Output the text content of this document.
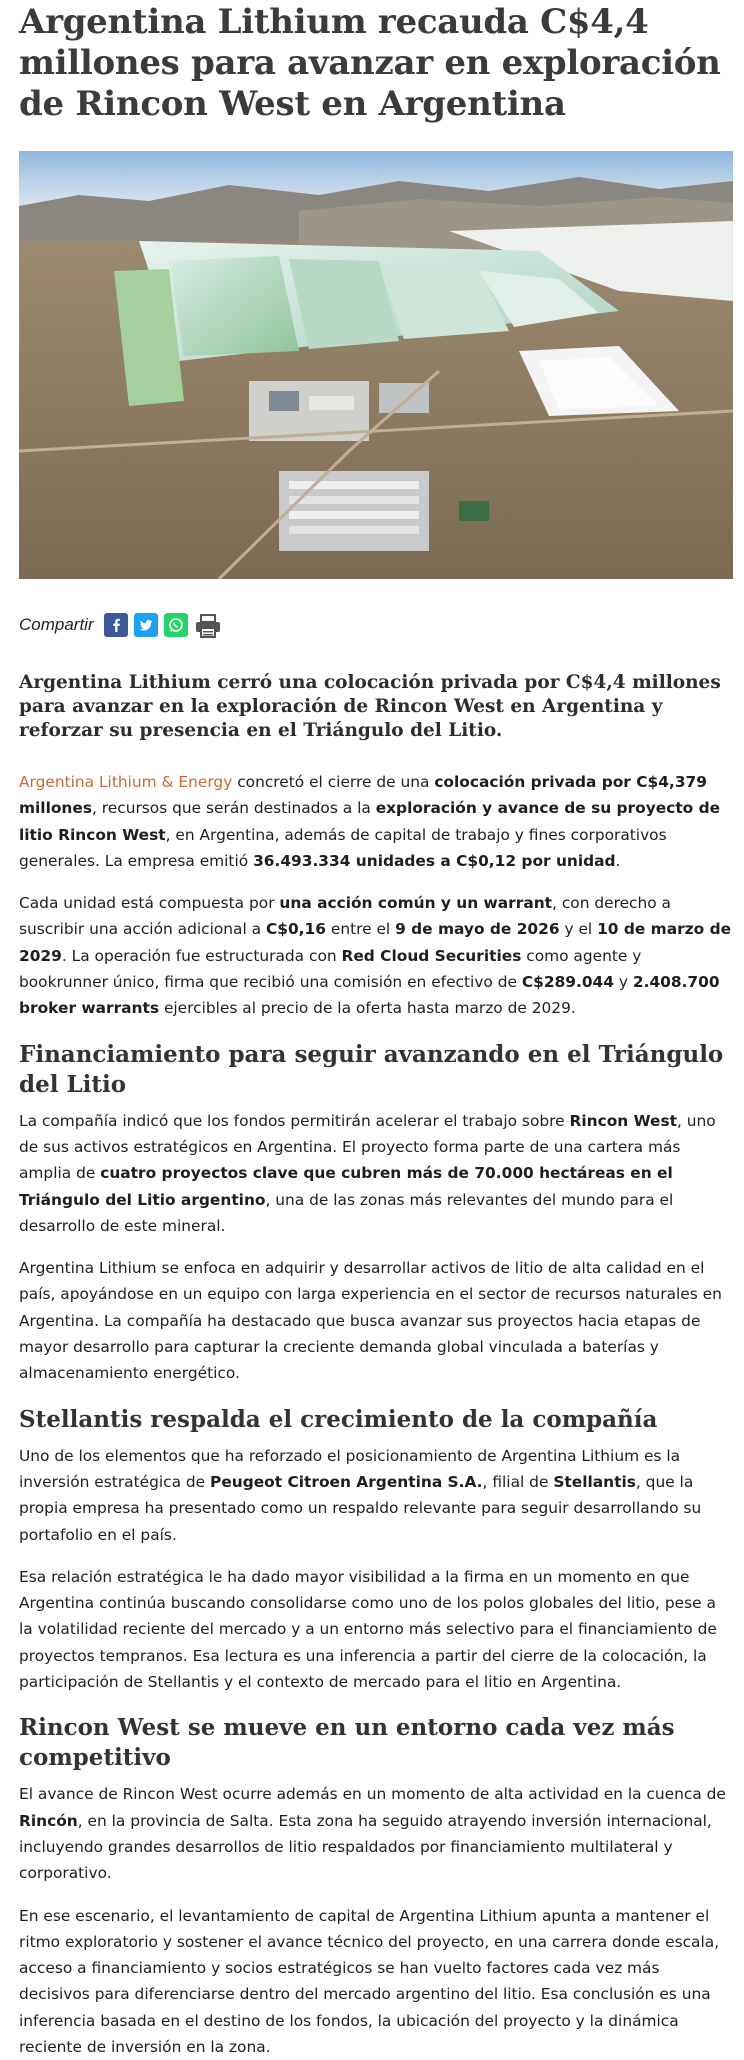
Argentina Lithium recauda C$4,4 millones para avanzar en exploración de Rincon West en Argentina
Compartir
Argentina Lithium cerró una colocación privada por C$4,4 millones para avanzar en la exploración de Rincon West en Argentina y reforzar su presencia en el Triángulo del Litio.

Argentina Lithium & Energy concretó el cierre de una colocación privada por C$4,379 millones, recursos que serán destinados a la exploración y avance de su proyecto de litio Rincon West, en Argentina, además de capital de trabajo y fines corporativos generales. La empresa emitió 36.493.334 unidades a C$0,12 por unidad.

Cada unidad está compuesta por una acción común y un warrant, con derecho a suscribir una acción adicional a C$0,16 entre el 9 de mayo de 2026 y el 10 de marzo de 2029. La operación fue estructurada con Red Cloud Securities como agente y bookrunner único, firma que recibió una comisión en efectivo de C$289.044 y 2.408.700 broker warrants ejercibles al precio de la oferta hasta marzo de 2029.

Financiamiento para seguir avanzando en el Triángulo del Litio

La compañía indicó que los fondos permitirán acelerar el trabajo sobre Rincon West, uno de sus activos estratégicos en Argentina. El proyecto forma parte de una cartera más amplia de cuatro proyectos clave que cubren más de 70.000 hectáreas en el Triángulo del Litio argentino, una de las zonas más relevantes del mundo para el desarrollo de este mineral.

Argentina Lithium se enfoca en adquirir y desarrollar activos de litio de alta calidad en el país, apoyándose en un equipo con larga experiencia en el sector de recursos naturales en Argentina. La compañía ha destacado que busca avanzar sus proyectos hacia etapas de mayor desarrollo para capturar la creciente demanda global vinculada a baterías y almacenamiento energético.

Stellantis respalda el crecimiento de la compañía

Uno de los elementos que ha reforzado el posicionamiento de Argentina Lithium es la inversión estratégica de Peugeot Citroen Argentina S.A., filial de Stellantis, que la propia empresa ha presentado como un respaldo relevante para seguir desarrollando su portafolio en el país.

Esa relación estratégica le ha dado mayor visibilidad a la firma en un momento en que Argentina continúa buscando consolidarse como uno de los polos globales del litio, pese a la volatilidad reciente del mercado y a un entorno más selectivo para el financiamiento de proyectos tempranos. Esa lectura es una inferencia a partir del cierre de la colocación, la participación de Stellantis y el contexto de mercado para el litio en Argentina.

Rincon West se mueve en un entorno cada vez más competitivo

El avance de Rincon West ocurre además en un momento de alta actividad en la cuenca de Rincón, en la provincia de Salta. Esta zona ha seguido atrayendo inversión internacional, incluyendo grandes desarrollos de litio respaldados por financiamiento multilateral y corporativo.

En ese escenario, el levantamiento de capital de Argentina Lithium apunta a mantener el ritmo exploratorio y sostener el avance técnico del proyecto, en una carrera donde escala, acceso a financiamiento y socios estratégicos se han vuelto factores cada vez más decisivos para diferenciarse dentro del mercado argentino del litio. Esa conclusión es una inferencia basada en el destino de los fondos, la ubicación del proyecto y la dinámica reciente de inversión en la zona.
